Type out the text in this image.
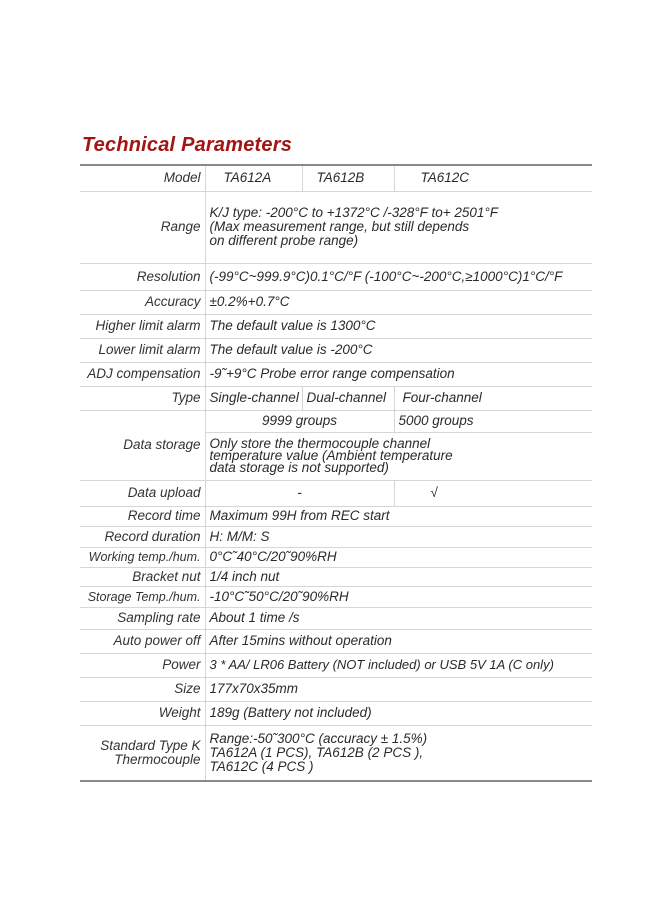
Technical Parameters
Model	TA612A	TA612B	TA612C
Range	K/J type: -200°C to +1372°C /-328°F to+ 2501°F
(Max measurement range, but still depends
on different probe range)		

Resolution	(-99°C~999.9°C)0.1°C/°F (-100°C~-200°C,≥1000°C)1°C/°F		
Accuracy	±0.2%+0.7°C		
Higher limit alarm	The default value is 1300°C		
Lower limit alarm	The default value is -200°C		
ADJ compensation	-9˜+9°C Probe error range compensation		
Type	Single-channel	Dual-channel	Four-channel
Data storage	9999 groups		5000 groups

	Only store the thermocouple channel
temperature value (Ambient temperature
data storage is not supported)		

Data upload	-		√
Record time	Maximum 99H from REC start		
Record duration	H: M/M: S		
Working temp./hum.	0°C˜40°C/20˜90%RH		
Bracket nut	1/4 inch nut		
Storage Temp./hum.	-10°C˜50°C/20˜90%RH		
Sampling rate	About 1 time /s		
Auto power off	After 15mins without operation		
Power	3 * AA/ LR06 Battery (NOT included) or USB 5V 1A (C only)		
Size	177x70x35mm		
Weight	189g (Battery not included)		

Standard Type K
Thermocouple	Range:-50˜300°C (accuracy ± 1.5%)
TA612A (1 PCS), TA612B (2 PCS ),
TA612C (4 PCS )		
